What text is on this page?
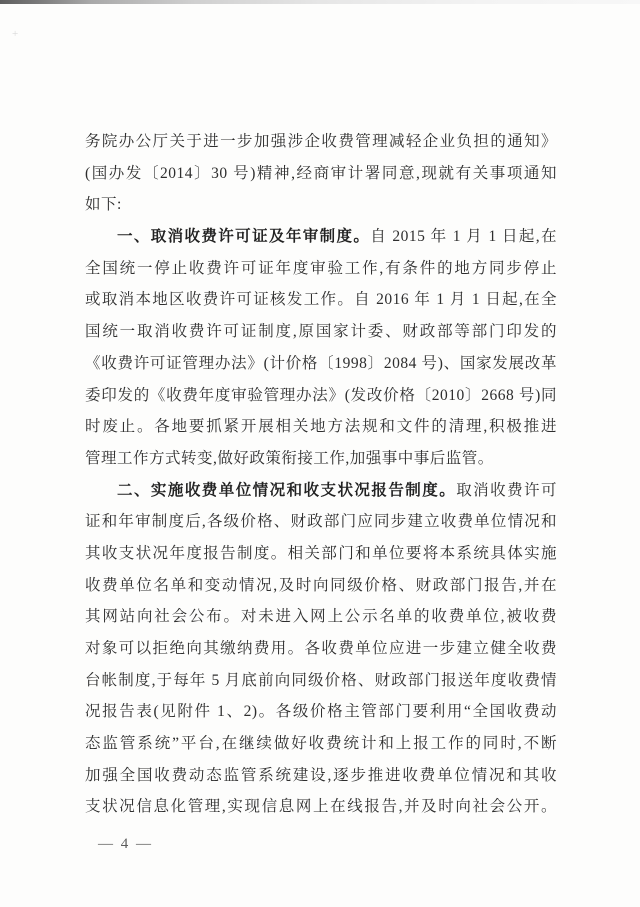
+
务院办公厅关于进一步加强涉企收费管理减轻企业负担的通知》
(国办发〔2014〕30 号)精神,经商审计署同意,现就有关事项通知
如下:
一、取消收费许可证及年审制度。自 2015 年 1 月 1 日起,在
全国统一停止收费许可证年度审验工作,有条件的地方同步停止
或取消本地区收费许可证核发工作。自 2016 年 1 月 1 日起,在全
国统一取消收费许可证制度,原国家计委、财政部等部门印发的
《收费许可证管理办法》(计价格〔1998〕2084 号)、国家发展改革
委印发的《收费年度审验管理办法》(发改价格〔2010〕2668 号)同
时废止。各地要抓紧开展相关地方法规和文件的清理,积极推进
管理工作方式转变,做好政策衔接工作,加强事中事后监管。
二、实施收费单位情况和收支状况报告制度。取消收费许可
证和年审制度后,各级价格、财政部门应同步建立收费单位情况和
其收支状况年度报告制度。相关部门和单位要将本系统具体实施
收费单位名单和变动情况,及时向同级价格、财政部门报告,并在
其网站向社会公布。对未进入网上公示名单的收费单位,被收费
对象可以拒绝向其缴纳费用。各收费单位应进一步建立健全收费
台帐制度,于每年 5 月底前向同级价格、财政部门报送年度收费情
况报告表(见附件 1、2)。各级价格主管部门要利用“全国收费动
态监管系统”平台,在继续做好收费统计和上报工作的同时,不断
加强全国收费动态监管系统建设,逐步推进收费单位情况和其收
支状况信息化管理,实现信息网上在线报告,并及时向社会公开。
— 4 —
